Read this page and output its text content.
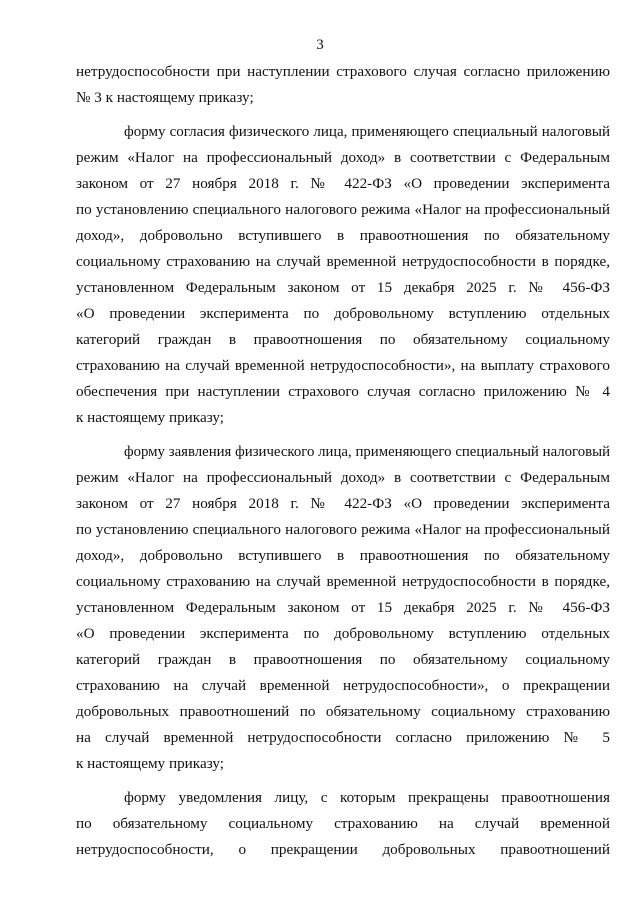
3
нетрудоспособности при наступлении страхового случая согласно приложению
№ 3 к настоящему приказу;
форму согласия физического лица, применяющего специальный налоговый
режим «Налог на профессиональный доход» в соответствии с Федеральным
законом от 27 ноября 2018 г. № 422-ФЗ «О проведении эксперимента
по установлению специального налогового режима «Налог на профессиональный
доход», добровольно вступившего в правоотношения по обязательному
социальному страхованию на случай временной нетрудоспособности в порядке,
установленном Федеральным законом от 15 декабря 2025 г. № 456-ФЗ
«О проведении эксперимента по добровольному вступлению отдельных
категорий граждан в правоотношения по обязательному социальному
страхованию на случай временной нетрудоспособности», на выплату страхового
обеспечения при наступлении страхового случая согласно приложению № 4
к настоящему приказу;
форму заявления физического лица, применяющего специальный налоговый
режим «Налог на профессиональный доход» в соответствии с Федеральным
законом от 27 ноября 2018 г. № 422-ФЗ «О проведении эксперимента
по установлению специального налогового режима «Налог на профессиональный
доход», добровольно вступившего в правоотношения по обязательному
социальному страхованию на случай временной нетрудоспособности в порядке,
установленном Федеральным законом от 15 декабря 2025 г. № 456-ФЗ
«О проведении эксперимента по добровольному вступлению отдельных
категорий граждан в правоотношения по обязательному социальному
страхованию на случай временной нетрудоспособности», о прекращении
добровольных правоотношений по обязательному социальному страхованию
на случай временной нетрудоспособности согласно приложению № 5
к настоящему приказу;
форму уведомления лицу, с которым прекращены правоотношения
по обязательному социальному страхованию на случай временной
нетрудоспособности, о прекращении добровольных правоотношений
